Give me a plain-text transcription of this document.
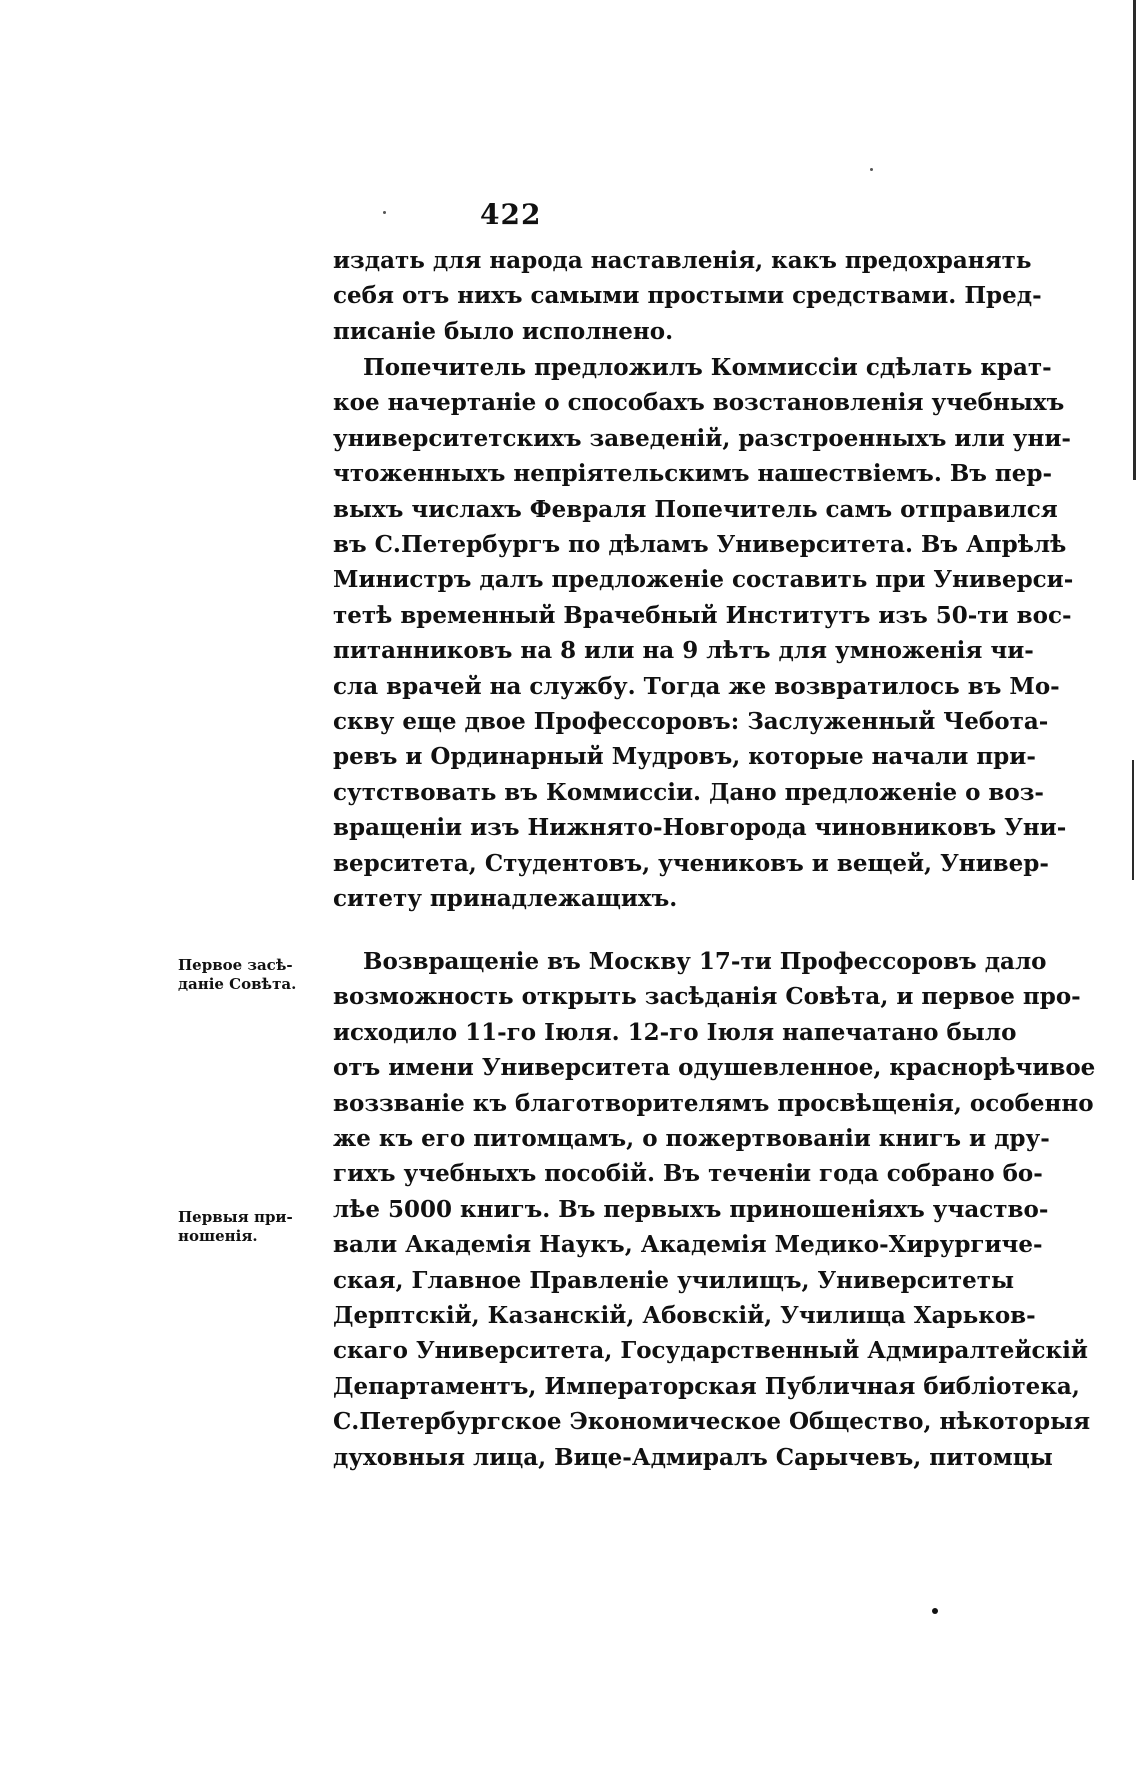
422
издать для народа наставленія, какъ предохранять
себя отъ нихъ самыми простыми средствами. Пред-
писаніе было исполнено.
Попечитель предложилъ Коммиссіи сдѣлать крат-
кое начертаніе о способахъ возстановленія учебныхъ
университетскихъ заведеній, разстроенныхъ или уни-
чтоженныхъ непріятельскимъ нашествіемъ. Въ пер-
выхъ числахъ Февраля Попечитель самъ отправился
въ С.Петербургъ по дѣламъ Университета. Въ Апрѣлѣ
Министръ далъ предложеніе составить при Универси-
тетѣ временный Врачебный Институтъ изъ 50-ти вос-
питанниковъ на 8 или на 9 лѣтъ для умноженія чи-
сла врачей на службу. Тогда же возвратилось въ Мо-
скву еще двое Профессоровъ: Заслуженный Чебота-
ревъ и Ординарный Мудровъ, которые начали при-
сутствовать въ Коммиссіи. Дано предложеніе о воз-
вращеніи изъ Нижнято-Новгорода чиновниковъ Уни-
верситета, Студентовъ, учениковъ и вещей, Универ-
ситету принадлежащихъ.
Первое засѣ-
даніе Совѣта.
Первыя при-
ношенія.
Возвращеніе въ Москву 17-ти Профессоровъ дало
возможность открыть засѣданія Совѣта, и первое про-
исходило 11-го Іюля. 12-го Іюля напечатано было
отъ имени Университета одушевленное, краснорѣчивое
воззваніе къ благотворителямъ просвѣщенія, особенно
же къ его питомцамъ, о пожертвованіи книгъ и дру-
гихъ учебныхъ пособій. Въ теченіи года собрано бо-
лѣе 5000 книгъ. Въ первыхъ приношеніяхъ участво-
вали Академія Наукъ, Академія Медико-Хирургиче-
ская, Главное Правленіе училищъ, Университеты
Дерптскій, Казанскій, Абовскій, Училища Харьков-
скаго Университета, Государственный Адмиралтейскій
Департаментъ, Императорская Публичная библіотека,
С.Петербургское Экономическое Общество, нѣкоторыя
духовныя лица, Вице-Адмиралъ Сарычевъ, питомцы
